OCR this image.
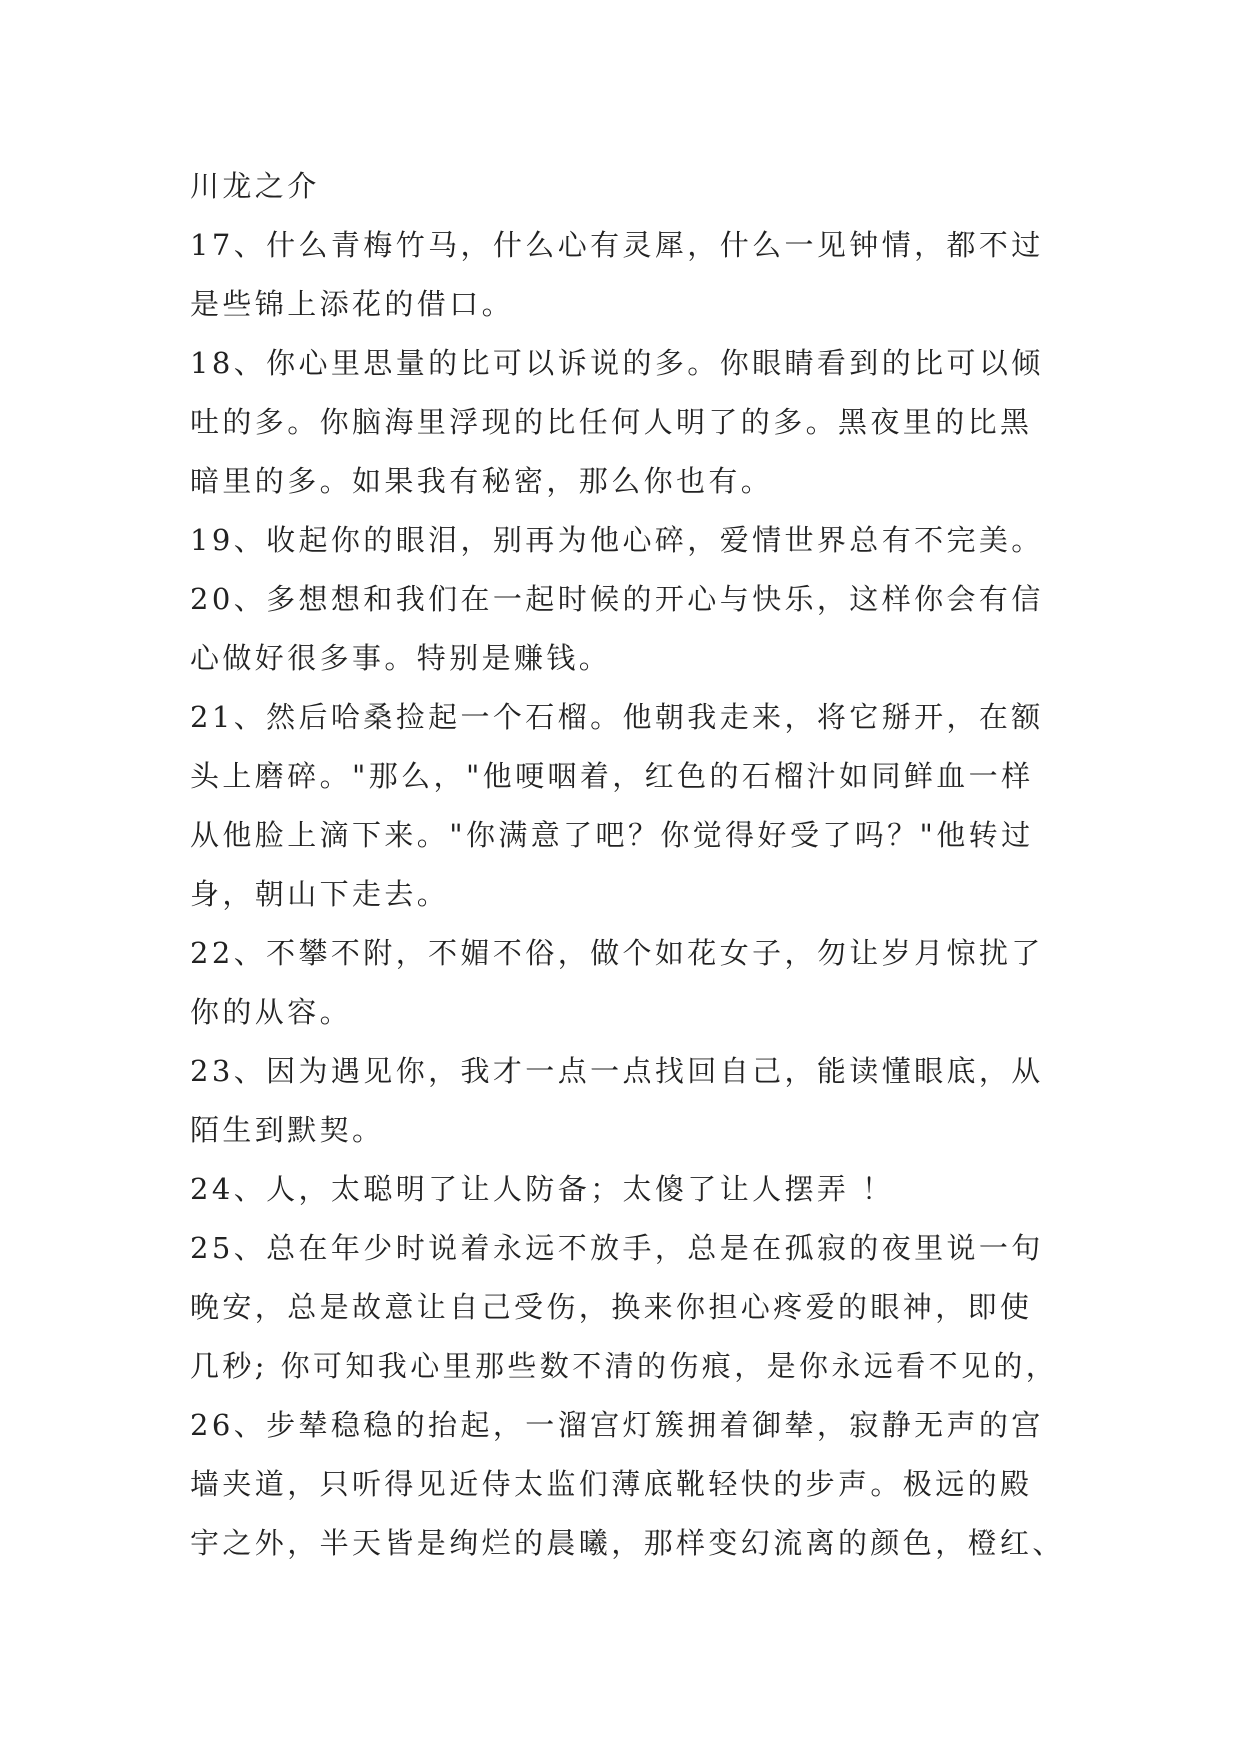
川龙之介
17、什么青梅竹马，什么心有灵犀，什么一见钟情，都不过
是些锦上添花的借口。
18、你心里思量的比可以诉说的多。你眼睛看到的比可以倾
吐的多。你脑海里浮现的比任何人明了的多。黑夜里的比黑
暗里的多。如果我有秘密，那么你也有。
19、收起你的眼泪，别再为他心碎，爱情世界总有不完美。
20、多想想和我们在一起时候的开心与快乐，这样你会有信
心做好很多事。特别是赚钱。
21、然后哈桑捡起一个石榴。他朝我走来，将它掰开，在额
头上磨碎。"那么，"他哽咽着，红色的石榴汁如同鲜血一样
从他脸上滴下来。"你满意了吧？你觉得好受了吗？"他转过
身，朝山下走去。
22、不攀不附，不媚不俗，做个如花女子，勿让岁月惊扰了
你的从容。
23、因为遇见你，我才一点一点找回自己，能读懂眼底，从
陌生到默契。
24、人，太聪明了让人防备；太傻了让人摆弄 ！
25、总在年少时说着永远不放手，总是在孤寂的夜里说一句
晚安，总是故意让自己受伤，换来你担心疼爱的眼神，即使
几秒; 你可知我心里那些数不清的伤痕，是你永远看不见的，
26、步辇稳稳的抬起，一溜宫灯簇拥着御辇，寂静无声的宫
墙夹道，只听得见近侍太监们薄底靴轻快的步声。极远的殿
宇之外，半天皆是绚烂的晨曦，那样变幻流离的颜色，橙红、
